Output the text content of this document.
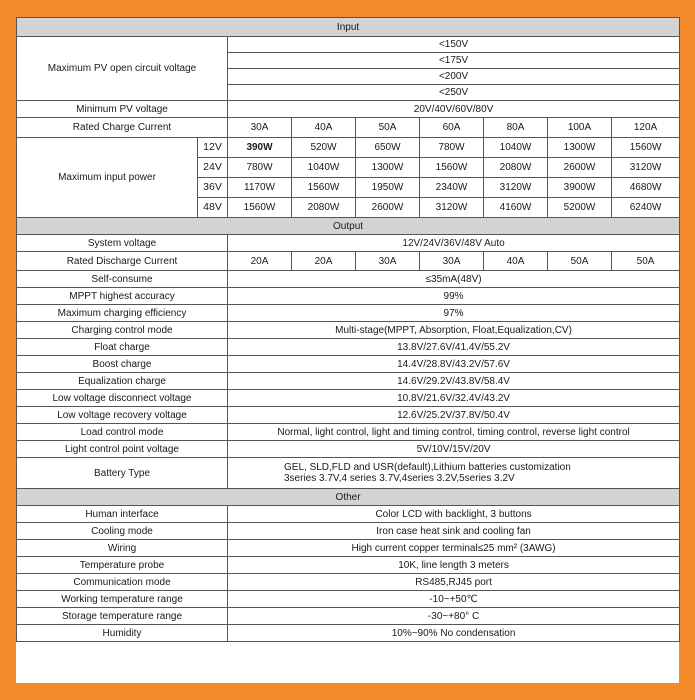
Input								
Maximum PV open circuit voltage		<150V						
		<175V						
		<200V						
		<250V						
Minimum PV voltage		20V/40V/60V/80V						
Rated Charge Current		30A	40A	50A	60A	80A	100A	120A
Maximum input power	12V	390W	520W	650W	780W	1040W	1300W	1560W
	24V	780W	1040W	1300W	1560W	2080W	2600W	3120W
	36V	1170W	1560W	1950W	2340W	3120W	3900W	4680W
	48V	1560W	2080W	2600W	3120W	4160W	5200W	6240W
Output								
System voltage		12V/24V/36V/48V Auto						
Rated Discharge Current		20A	20A	30A	30A	40A	50A	50A
Self-consume		≤35mA(48V)						
MPPT highest accuracy		99%						
Maximum charging efficiency		97%						
Charging control mode		Multi-stage(MPPT, Absorption, Float,Equalization,CV)						
Float charge		13.8V/27.6V/41.4V/55.2V						
Boost charge		14.4V/28.8V/43.2V/57.6V						
Equalization charge		14.6V/29.2V/43.8V/58.4V						
Low voltage disconnect voltage		10.8V/21.6V/32.4V/43.2V						
Low voltage recovery voltage		12.6V/25.2V/37.8V/50.4V						
Load control mode		Normal, light control, light and timing control, timing control, reverse light control						
Light control point voltage		5V/10V/15V/20V						
Battery Type		GEL, SLD,FLD and USR(default),Lithium batteries customization
3series 3.7V,4 series 3.7V,4series 3.2V,5series 3.2V						

Other								
Human interface		Color LCD with backlight, 3 buttons						
Cooling mode		Iron case heat sink and cooling fan						
Wiring		High current copper terminal≤25 mm² (3AWG)						
Temperature probe		10K, line length 3 meters						
Communication mode		RS485,RJ45 port						
Working temperature range		-10~+50℃						
Storage temperature range		-30~+80° C						
Humidity		10%~90% No condensation						
